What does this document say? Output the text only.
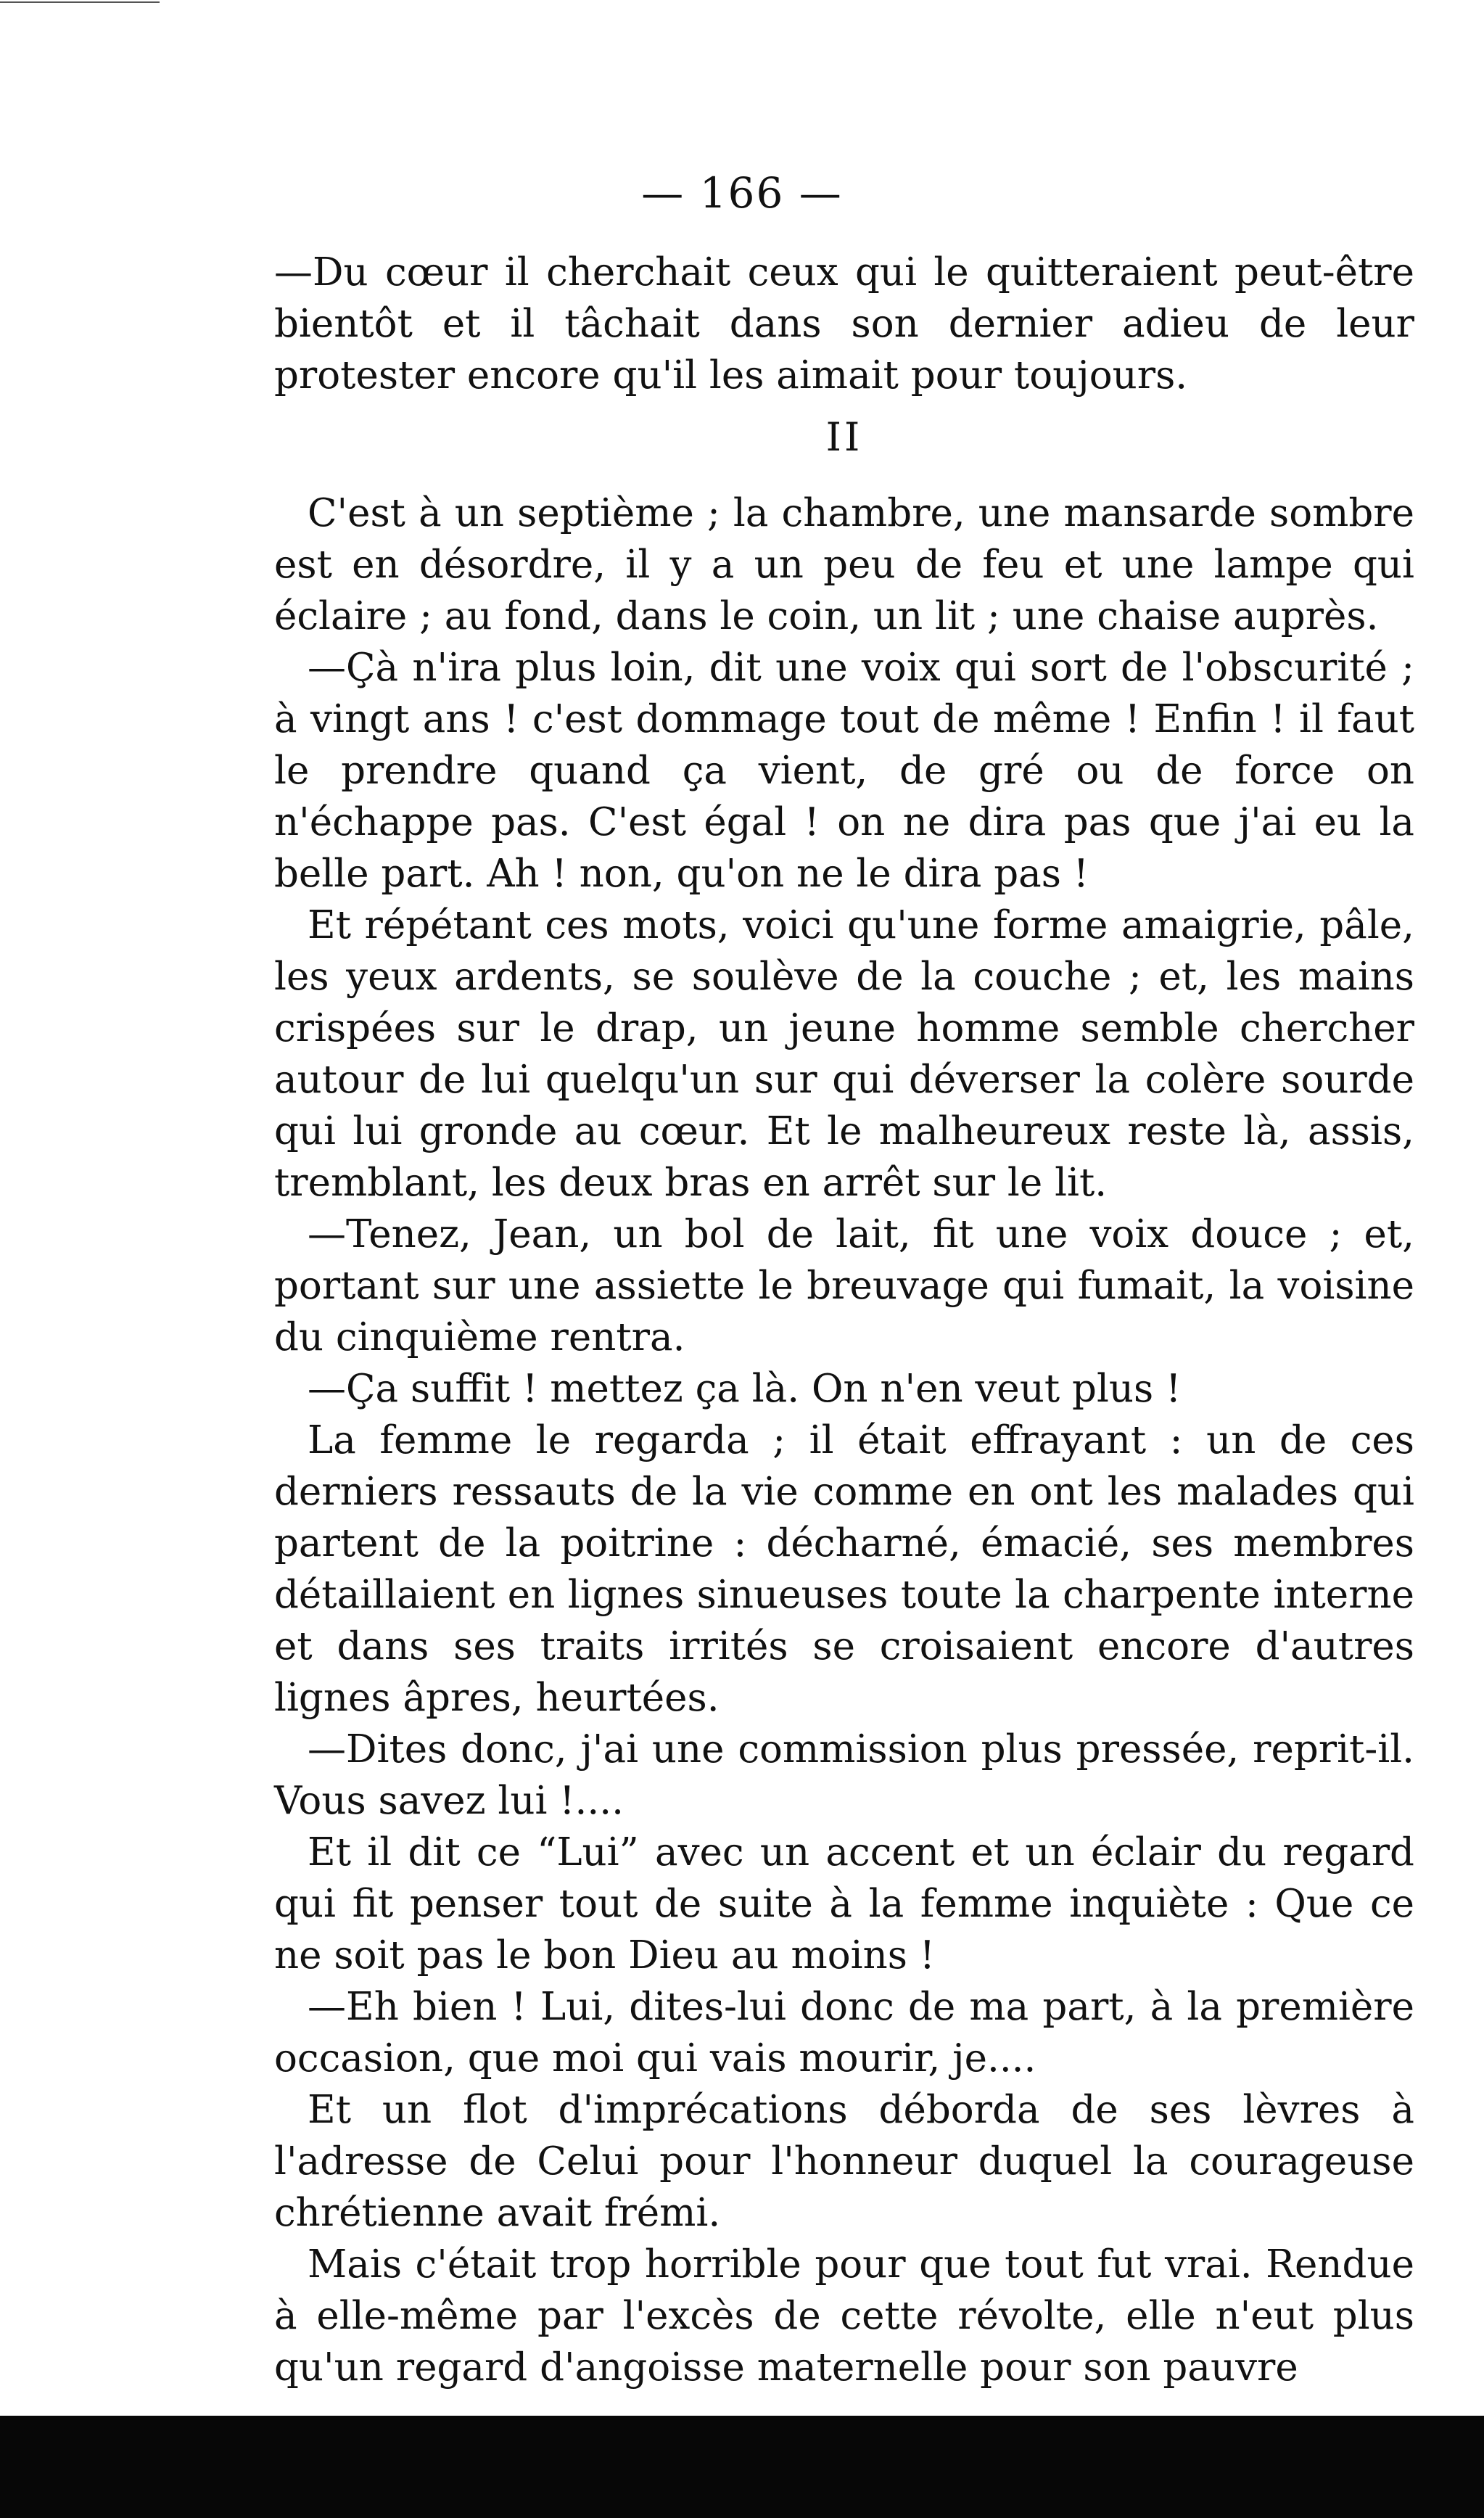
— 166 —

—Du cœur il cherchait ceux qui le quitteraient peut-être bientôt et il tâchait dans son dernier adieu de leur protester encore qu'il les aimait pour toujours.

II

C'est à un septième ; la chambre, une mansarde sombre est en désordre, il y a un peu de feu et une lampe qui éclaire ; au fond, dans le coin, un lit ; une chaise auprès.

—Çà n'ira plus loin, dit une voix qui sort de l'obscurité ; à vingt ans ! c'est dommage tout de même ! Enfin ! il faut le prendre quand ça vient, de gré ou de force on n'échappe pas. C'est égal ! on ne dira pas que j'ai eu la belle part. Ah ! non, qu'on ne le dira pas !

Et répétant ces mots, voici qu'une forme amaigrie, pâle, les yeux ardents, se soulève de la couche ; et, les mains crispées sur le drap, un jeune homme semble chercher autour de lui quelqu'un sur qui déverser la colère sourde qui lui gronde au cœur. Et le malheureux reste là, assis, tremblant, les deux bras en arrêt sur le lit.

—Tenez, Jean, un bol de lait, fit une voix douce ; et, portant sur une assiette le breuvage qui fumait, la voisine du cinquième rentra.

—Ça suffit ! mettez ça là. On n'en veut plus !

La femme le regarda ; il était effrayant : un de ces derniers ressauts de la vie comme en ont les malades qui partent de la poitrine : décharné, émacié, ses membres détaillaient en lignes sinueuses toute la charpente interne et dans ses traits irrités se croisaient encore d'autres lignes âpres, heurtées.

—Dites donc, j'ai une commission plus pressée, reprit-il. Vous savez lui !....

Et il dit ce “Lui” avec un accent et un éclair du regard qui fit penser tout de suite à la femme inquiète : Que ce ne soit pas le bon Dieu au moins !

—Eh bien ! Lui, dites-lui donc de ma part, à la première occasion, que moi qui vais mourir, je....

Et un flot d'imprécations déborda de ses lèvres à l'adresse de Celui pour l'honneur duquel la courageuse chrétienne avait frémi.

Mais c'était trop horrible pour que tout fut vrai. Rendue à elle-même par l'excès de cette révolte, elle n'eut plus qu'un regard d'angoisse maternelle pour son pauvre
